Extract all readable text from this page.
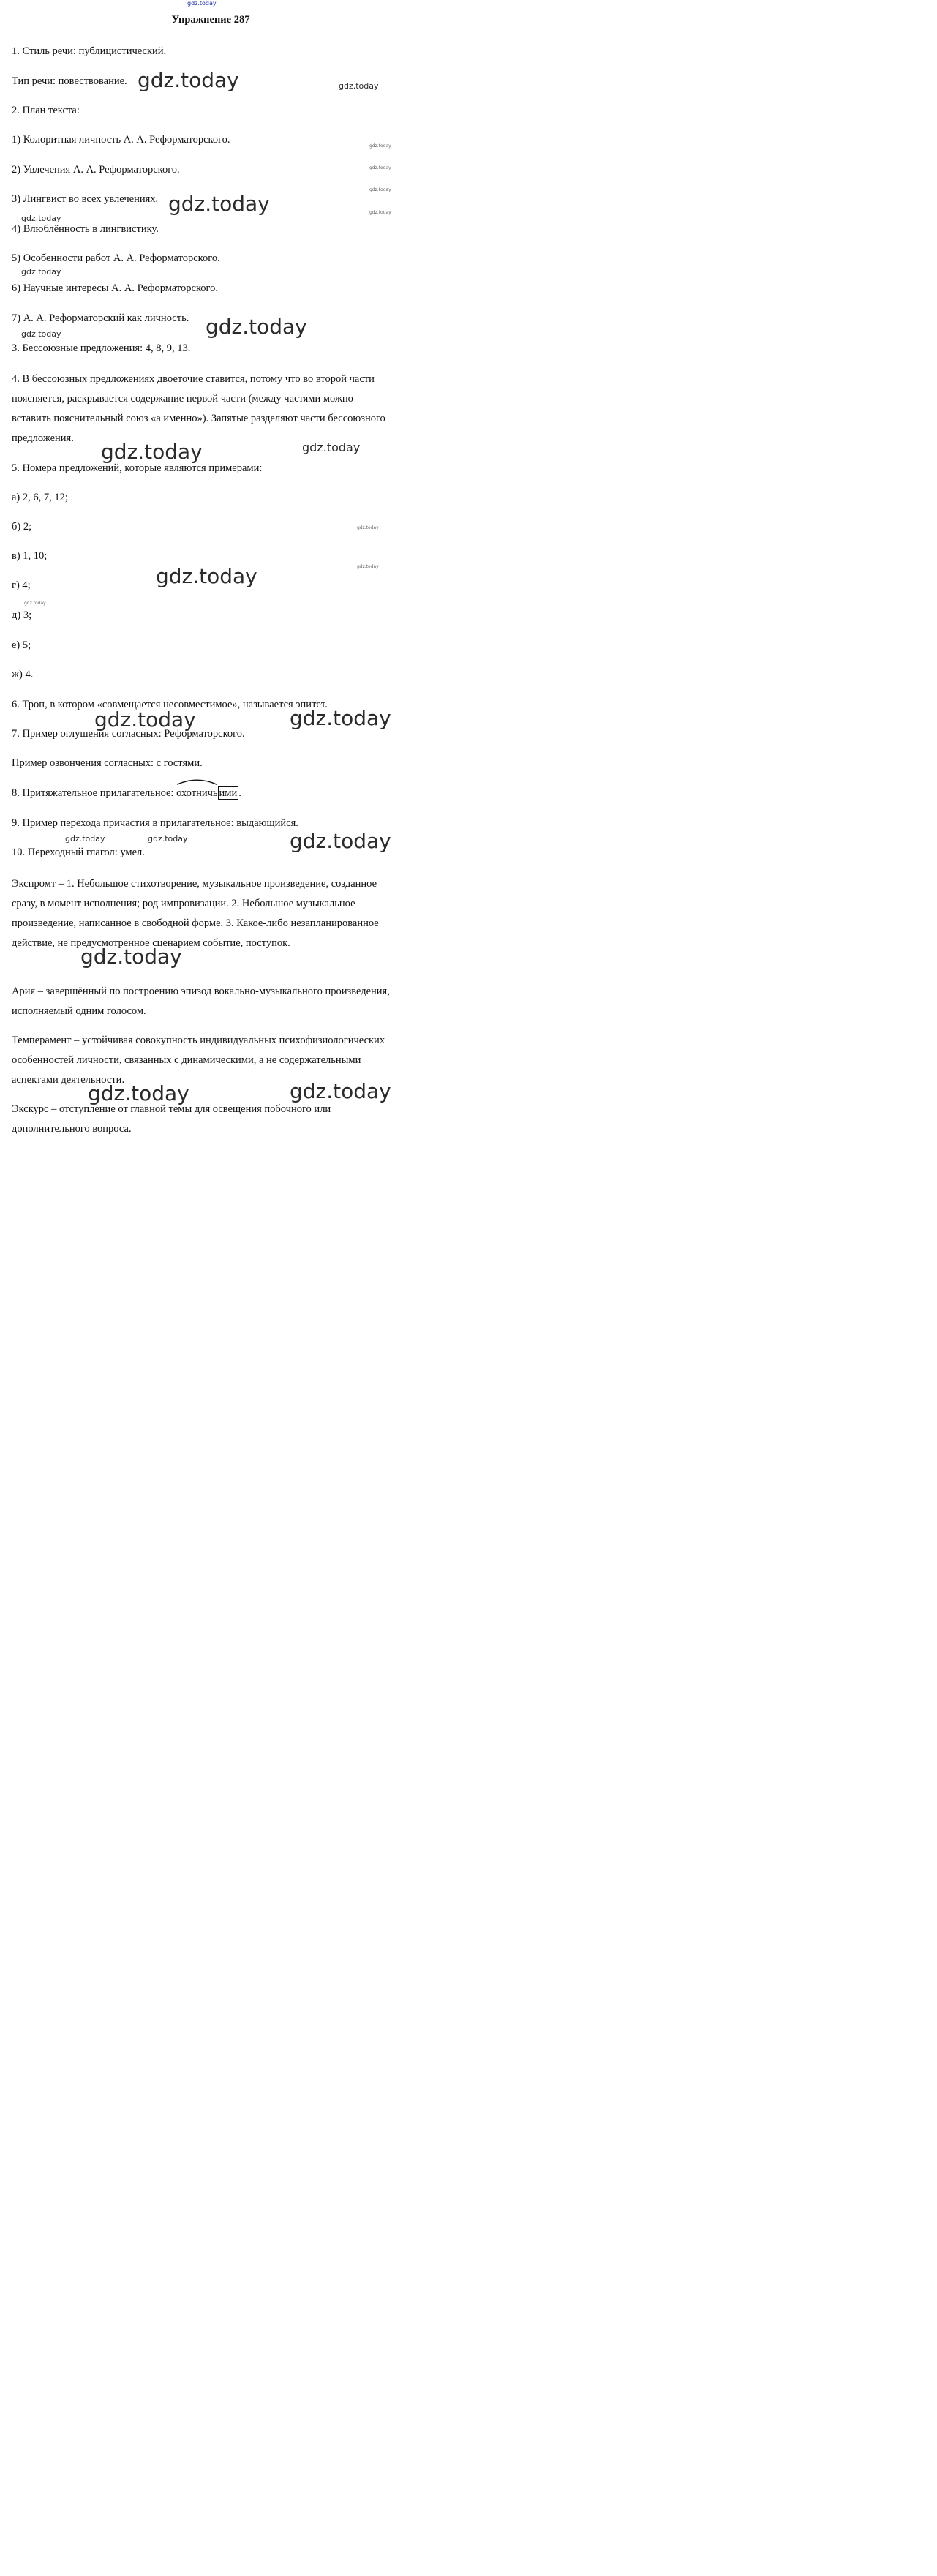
gdz.today
Упражнение 287
1. Стиль речи: публицистический.
Тип речи: повествование.
2. План текста:
1) Колоритная личность А. А. Реформаторского.
2) Увлечения А. А. Реформаторского.
3) Лингвист во всех увлечениях.
4) Влюблённость в лингвистику.
5) Особенности работ А. А. Реформаторского.
6) Научные интересы А. А. Реформаторского.
7) А. А. Реформаторский как личность.
3. Бессоюзные предложения: 4, 8, 9, 13.
4. В бессоюзных предложениях двоеточие ставится, потому что во второй части поясняется, раскрывается содержание первой части (между частями можно вставить пояснительный союз «а именно»). Запятые разделяют части бессоюзного предложения.
5. Номера предложений, которые являются примерами:
а) 2, 6, 7, 12;
б) 2;
в) 1, 10;
г) 4;
д) 3;
е) 5;
ж) 4.
6. Троп, в котором «совмещается несовместимое», называется эпитет.
7. Пример оглушения согласных: Реформаторского.
Пример озвончения согласных: с гостями.
8. Притяжательное прилагательное:
охотничь ими .
9. Пример перехода причастия в прилагательное: выдающийся.
10. Переходный глагол: умел.
Экспромт – 1. Небольшое стихотворение, музыкальное произведение, созданное сразу, в момент исполнения; род импровизации. 2. Небольшое музыкальное произведение, написанное в свободной форме. 3. Какое-либо незапланированное действие, не предусмотренное сценарием событие, поступок.
Ария – завершённый по построению эпизод вокально-музыкального произведения, исполняемый одним голосом.
Темперамент – устойчивая совокупность индивидуальных психофизиологических особенностей личности, связанных с динамическими, а не содержательными аспектами деятельности.
Экскурс – отступление от главной темы для освещения побочного или дополнительного вопроса.
gdz.today	gdz.today
gdz.today
gdz.today
gdz.today
gdz.today
gdz.today
gdz.today
gdz.today
gdz.today
gdz.today
gdz.today	gdz.today
gdz.today
gdz.today
gdz.today
gdz.today
gdz.today	gdz.today
gdz.today	gdz.today	gdz.today
gdz.today
gdz.today	gdz.today
